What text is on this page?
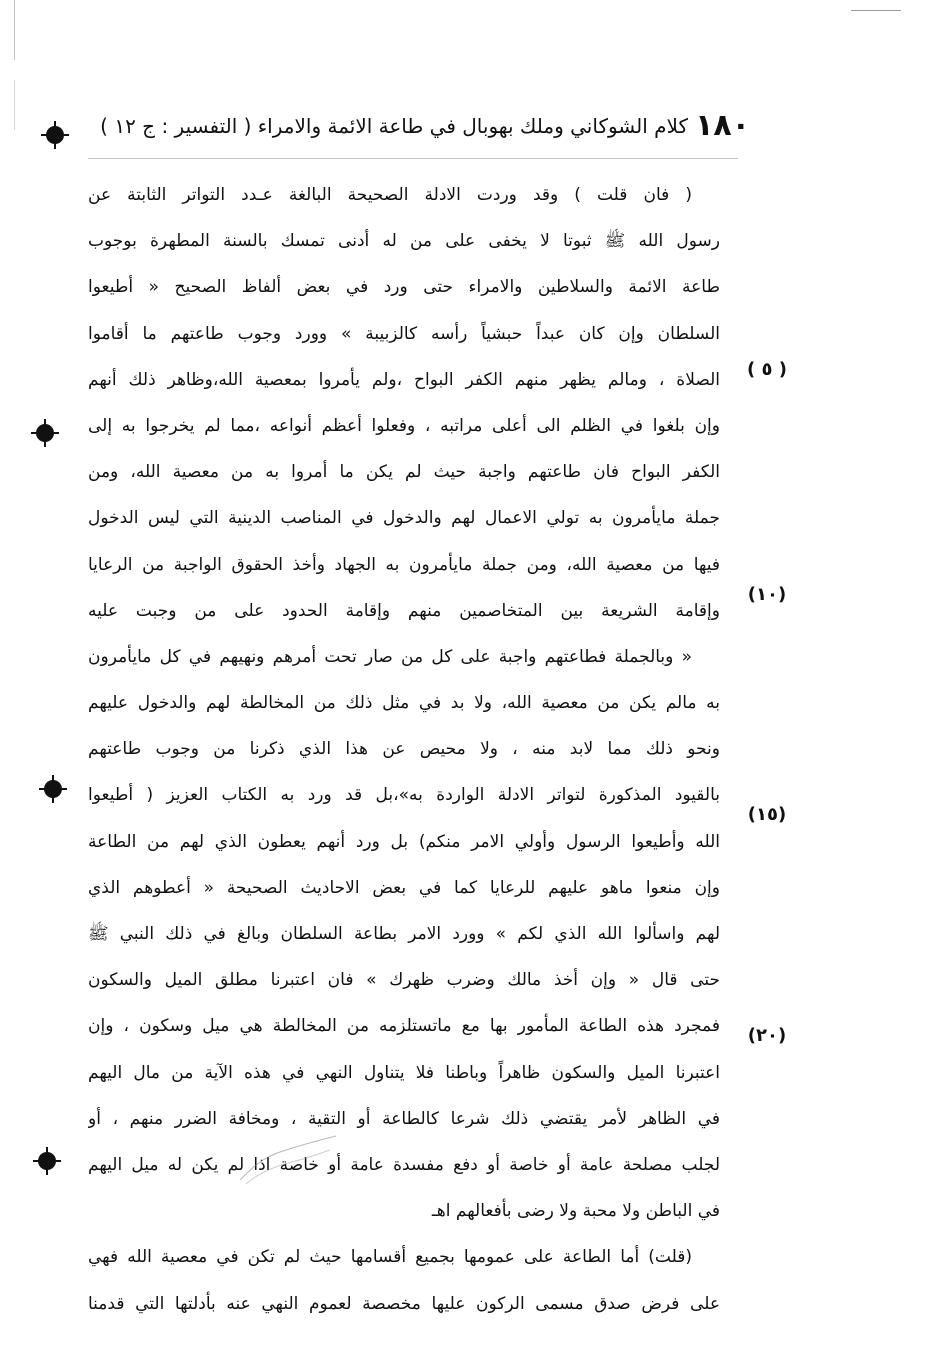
١٨٠
كلام الشوكاني وملك بهوبال في طاعة الائمة والامراء ( التفسير : ج ١٢ )
( ٥ )
(١٠)
(١٥)
(٢٠)
( فان قلت ) وقد وردت الادلة الصحيحة البالغة عـدد التواتر الثابتة عن
رسول الله ﷺ ثبوتا لا يخفى على من له أدنى تمسك بالسنة المطهرة بوجوب
طاعة الائمة والسلاطين والامراء حتى ورد في بعض ألفاظ الصحيح « أطيعوا
السلطان وإن كان عبداً حبشياً رأسه كالزبيبة » وورد وجوب طاعتهم ما أقاموا
الصلاة ، ومالم يظهر منهم الكفر البواح ،ولم يأمروا بمعصية الله،وظاهر ذلك أنهم
وإن بلغوا في الظلم الى أعلى مراتبه ، وفعلوا أعظم أنواعه ،مما لم يخرجوا به إلى
الكفر البواح فان طاعتهم واجبة حيث لم يكن ما أمروا به من معصية الله، ومن
جملة مايأمرون به تولي الاعمال لهم والدخول في المناصب الدينية التي ليس الدخول
فيها من معصية الله، ومن جملة مايأمرون به الجهاد وأخذ الحقوق الواجبة من الرعايا
وإقامة الشريعة بين المتخاصمين منهم وإقامة الحدود على من وجبت عليه
« وبالجملة فطاعتهم واجبة على كل من صار تحت أمرهم ونهيهم في كل مايأمرون
به مالم يكن من معصية الله، ولا بد في مثل ذلك من المخالطة لهم والدخول عليهم
ونحو ذلك مما لابد منه ، ولا محيص عن هذا الذي ذكرنا من وجوب طاعتهم
بالقيود المذكورة لتواتر الادلة الواردة به»،بل قد ورد به الكتاب العزيز ( أطيعوا
الله وأطيعوا الرسول وأولي الامر منكم) بل ورد أنهم يعطون الذي لهم من الطاعة
وإن منعوا ماهو عليهم للرعايا كما في بعض الاحاديث الصحيحة « أعطوهم الذي
لهم واسألوا الله الذي لكم » وورد الامر بطاعة السلطان وبالغ في ذلك النبي ﷺ
حتى قال « وإن أخذ مالك وضرب ظهرك » فان اعتبرنا مطلق الميل والسكون
فمجرد هذه الطاعة المأمور بها مع ماتستلزمه من المخالطة هي ميل وسكون ، وإن
اعتبرنا الميل والسكون ظاهراً وباطنا فلا يتناول النهي في هذه الآية من مال اليهم
في الظاهر لأمر يقتضي ذلك شرعا كالطاعة أو التقية ، ومخافة الضرر منهم ، أو
لجلب مصلحة عامة أو خاصة أو دفع مفسدة عامة أو خاصة اذا لم يكن له ميل اليهم
في الباطن ولا محبة ولا رضى بأفعالهم اهـ
(قلت) أما الطاعة على عمومها بجميع أقسامها حيث لم تكن في معصية الله فهي
على فرض صدق مسمى الركون عليها مخصصة لعموم النهي عنه بأدلتها التي قدمنا
